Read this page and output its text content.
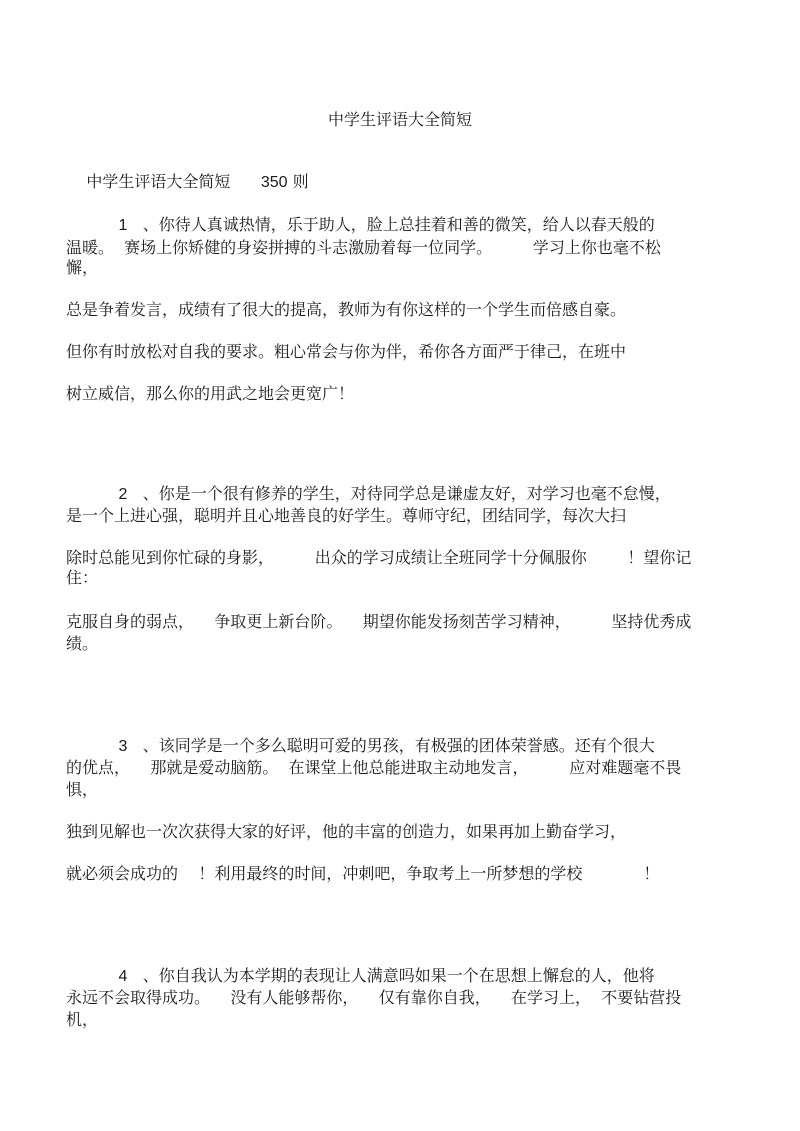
中学生评语大全简短

中学生评语大全简短 350 则

1 、你待人真诚热情，乐于助人，脸上总挂着和善的微笑，给人以春天般的

温暖。  赛场上你矫健的身姿拼搏的斗志激励着每一位同学。        学习上你也毫不松
懈，
总是争着发言，成绩有了很大的提高，教师为有你这样的一个学生而倍感自豪。
但你有时放松对自我的要求。粗心常会与你为伴，希你各方面严于律己，在班中
树立威信，那么你的用武之地会更宽广！

2 、你是一个很有修养的学生，对待同学总是谦虚友好，对学习也毫不怠慢，

是一个上进心强，聪明并且心地善良的好学生。尊师守纪，团结同学，每次大扫
除时总能见到你忙碌的身影，        出众的学习成绩让全班同学十分佩服你        ！望你记
住：
克服自身的弱点，    争取更上新台阶。    期望你能发扬刻苦学习精神，        坚持优秀成
绩。

3 、该同学是一个多么聪明可爱的男孩，有极强的团体荣誉感。还有个很大

的优点，    那就是爱动脑筋。  在课堂上他总能进取主动地发言，        应对难题毫不畏
惧，
独到见解也一次次获得大家的好评，他的丰富的创造力，如果再加上勤奋学习，
就必须会成功的    ！利用最终的时间，冲刺吧，争取考上一所梦想的学校            ！

4 、你自我认为本学期的表现让人满意吗如果一个在思想上懈怠的人，他将

永远不会取得成功。    没有人能够帮你，    仅有靠你自我，    在学习上，  不要钻营投
机，
